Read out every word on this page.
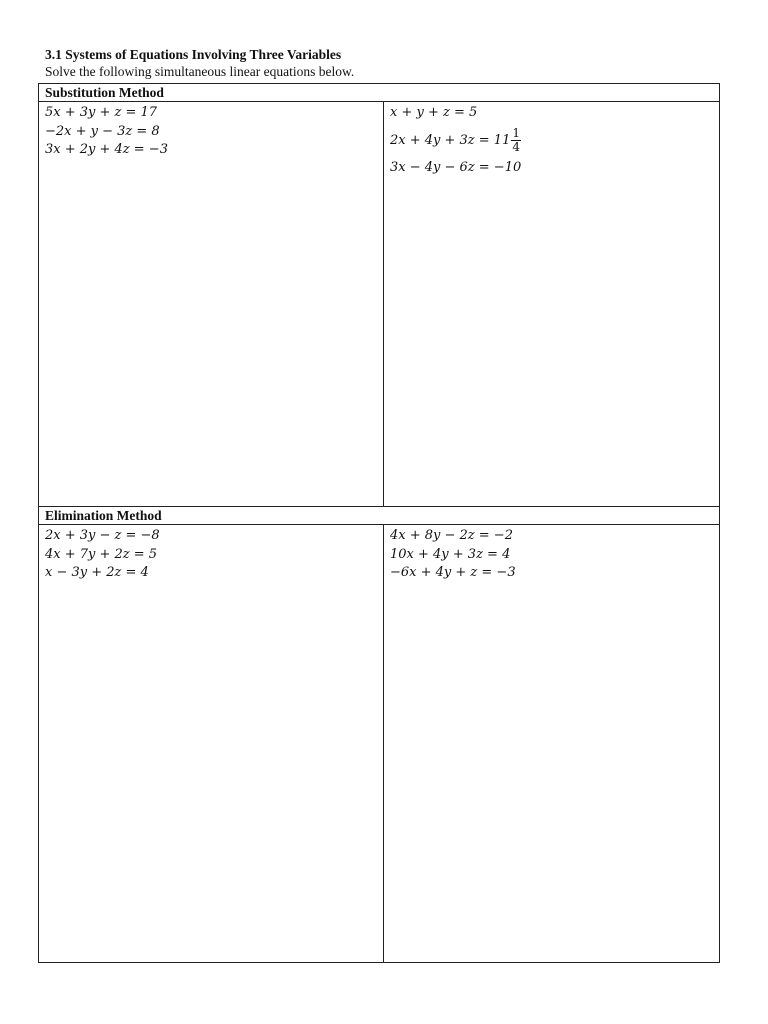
3.1 Systems of Equations Involving Three Variables
Solve the following simultaneous linear equations below.
Substitution Method
5x + 3y + z = 17
−2x + y − 3z = 8
3x + 2y + 4z = −3
x + y + z = 5
$2x + 4y + 3z = 11 \frac{1}{4}$
3x − 4y − 6z = −10
Elimination Method
2x + 3y − z = −8
4x + 7y + 2z = 5
x − 3y + 2z = 4
4x + 8y − 2z = −2
10x + 4y + 3z = 4
−6x + 4y + z = −3
